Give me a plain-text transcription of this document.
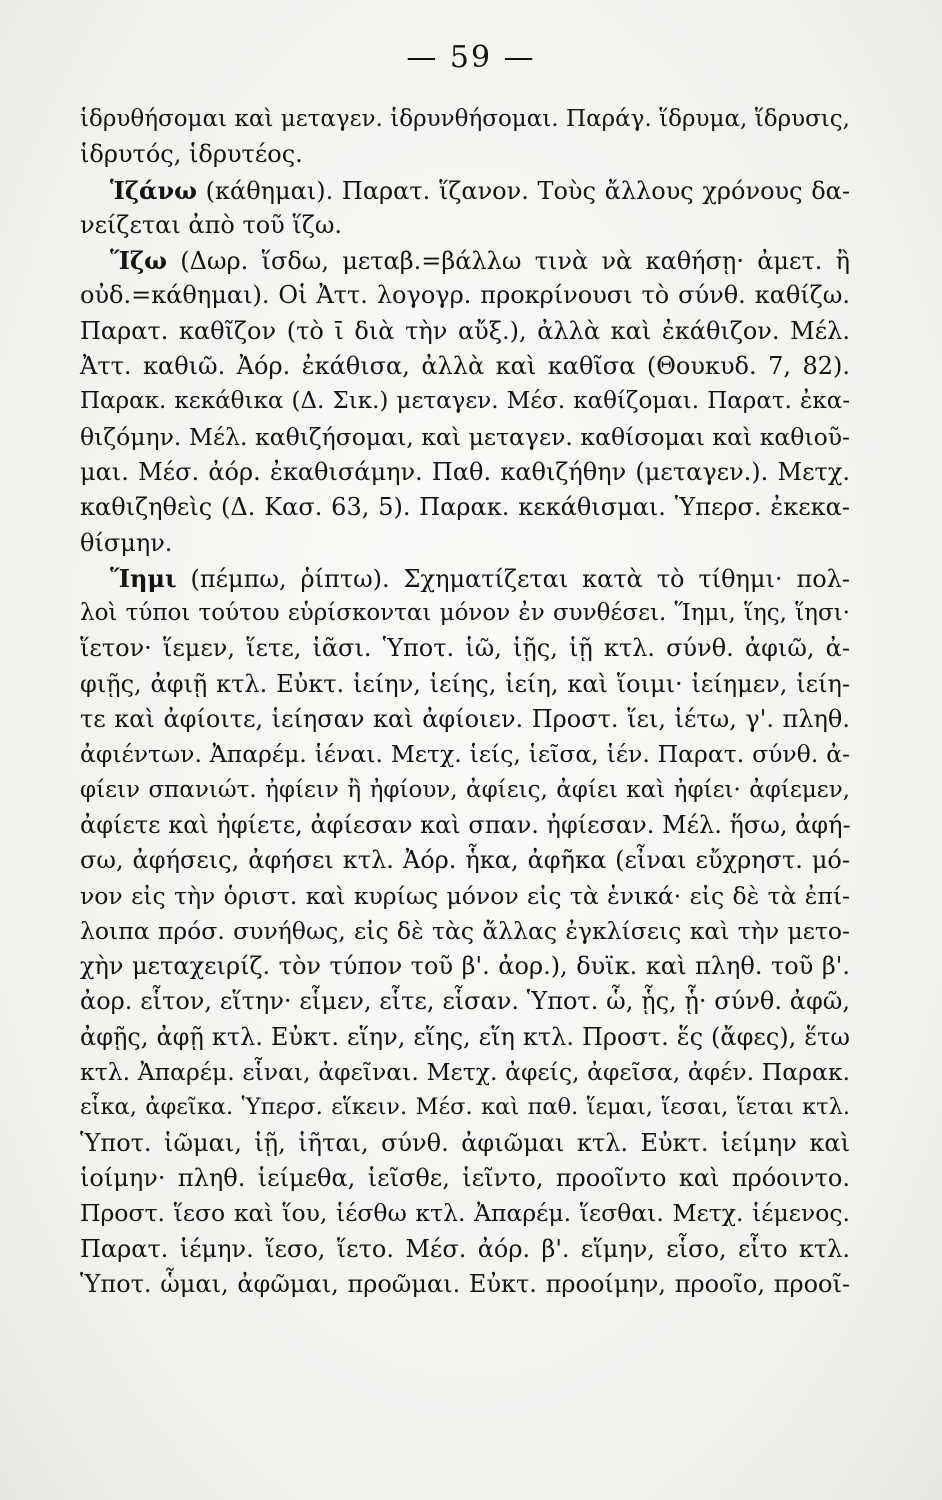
— 59 —
ἱδρυθήσομαι καὶ μεταγεν. ἱδρυνθήσομαι. Παράγ. ἵδρυμα, ἵδρυσις,
ἱδρυτός, ἱδρυτέος.
Ἱζάνω (κάθημαι). Παρατ. ἵζανον. Τοὺς ἄλλους χρόνους δα-
νείζεται ἀπὸ τοῦ ἵζω.
Ἵζω (Δωρ. ἵσδω, μεταβ.=βάλλω τινὰ νὰ καθήσῃ· ἀμετ. ἢ
οὐδ.=κάθημαι). Οἱ Ἀττ. λογογρ. προκρίνουσι τὸ σύνθ. καθίζω.
Παρατ. καθῖζον (τὸ ῑ διὰ τὴν αὔξ.), ἀλλὰ καὶ ἐκάθιζον. Μέλ.
Ἀττ. καθιῶ. Ἀόρ. ἐκάθισα, ἀλλὰ καὶ καθῖσα (Θουκυδ. 7, 82).
Παρακ. κεκάθικα (Δ. Σικ.) μεταγεν. Μέσ. καθίζομαι. Παρατ. ἐκα-
θιζόμην. Μέλ. καθιζήσομαι, καὶ μεταγεν. καθίσομαι καὶ καθιοῦ-
μαι. Μέσ. ἀόρ. ἐκαθισάμην. Παθ. καθιζήθην (μεταγεν.). Μετχ.
καθιζηθεὶς (Δ. Κασ. 63, 5). Παρακ. κεκάθισμαι. Ὑπερσ. ἐκεκα-
θίσμην.
Ἵημι (πέμπω, ῥίπτω). Σχηματίζεται κατὰ τὸ τίθημι· πολ-
λοὶ τύποι τούτου εὑρίσκονται μόνον ἐν συνθέσει. Ἵημι, ἵης, ἵησι·
ἵετον· ἵεμεν, ἵετε, ἱᾶσι. Ὑποτ. ἱῶ, ἱῇς, ἱῇ κτλ. σύνθ. ἀφιῶ, ἀ-
φιῇς, ἀφιῇ κτλ. Εὐκτ. ἱείην, ἱείης, ἱείη, καὶ ἵοιμι· ἱείημεν, ἱείη-
τε καὶ ἀφίοιτε, ἱείησαν καὶ ἀφίοιεν. Προστ. ἵει, ἱέτω, γ'. πληθ.
ἀφιέντων. Ἀπαρέμ. ἱέναι. Μετχ. ἱείς, ἱεῖσα, ἱέν. Παρατ. σύνθ. ἀ-
φίειν σπανιώτ. ἠφίειν ἢ ἠφίουν, ἀφίεις, ἀφίει καὶ ἠφίει· ἀφίεμεν,
ἀφίετε καὶ ἠφίετε, ἀφίεσαν καὶ σπαν. ἠφίεσαν. Μέλ. ἥσω, ἀφή-
σω, ἀφήσεις, ἀφήσει κτλ. Ἀόρ. ἧκα, ἀφῆκα (εἶναι εὔχρηστ. μό-
νον εἰς τὴν ὁριστ. καὶ κυρίως μόνον εἰς τὰ ἑνικά· εἰς δὲ τὰ ἐπί-
λοιπα πρόσ. συνήθως, εἰς δὲ τὰς ἄλλας ἐγκλίσεις καὶ τὴν μετο-
χὴν μεταχειρίζ. τὸν τύπον τοῦ β'. ἀορ.), δυϊκ. καὶ πληθ. τοῦ β'.
ἀορ. εἷτον, εἵτην· εἷμεν, εἷτε, εἷσαν. Ὑποτ. ὧ, ᾗς, ᾗ· σύνθ. ἀφῶ,
ἀφῇς, ἀφῇ κτλ. Εὐκτ. εἵην, εἵης, εἵη κτλ. Προστ. ἕς (ἄφες), ἕτω
κτλ. Ἀπαρέμ. εἷναι, ἀφεῖναι. Μετχ. ἀφείς, ἀφεῖσα, ἀφέν. Παρακ.
εἷκα, ἀφεῖκα. Ὑπερσ. εἵκειν. Μέσ. καὶ παθ. ἵεμαι, ἵεσαι, ἵεται κτλ.
Ὑποτ. ἱῶμαι, ἱῇ, ἱῆται, σύνθ. ἀφιῶμαι κτλ. Εὐκτ. ἱείμην καὶ
ἱοίμην· πληθ. ἱείμεθα, ἱεῖσθε, ἱεῖντο, προοῖντο καὶ πρόοιντο.
Προστ. ἵεσο καὶ ἵου, ἱέσθω κτλ. Ἀπαρέμ. ἵεσθαι. Μετχ. ἱέμενος.
Παρατ. ἱέμην. ἵεσο, ἵετο. Μέσ. ἀόρ. β'. εἵμην, εἷσο, εἷτο κτλ.
Ὑποτ. ὧμαι, ἀφῶμαι, προῶμαι. Εὐκτ. προοίμην, προοῖο, προοῖ-
